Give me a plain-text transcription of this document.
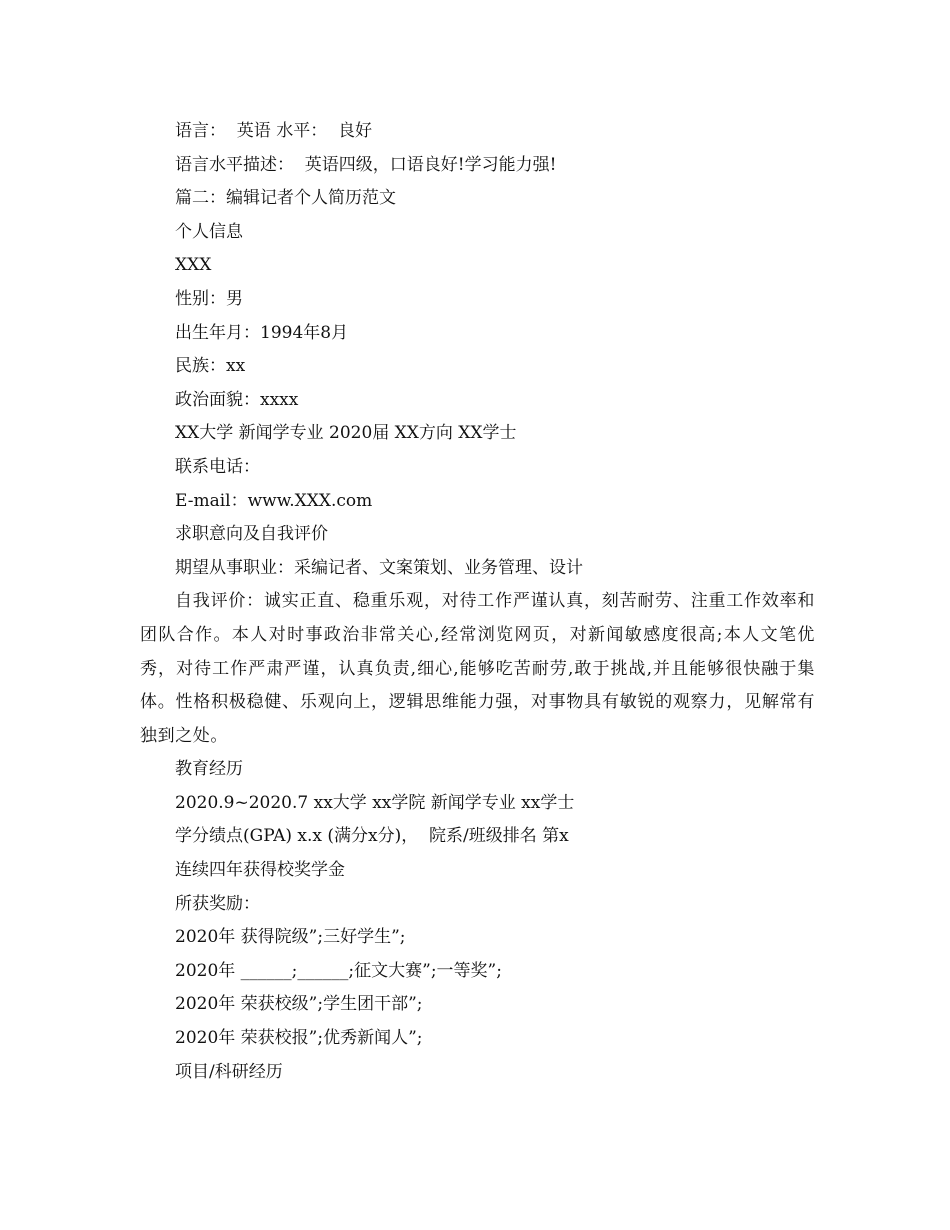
语言：  英语 水平：  良好

语言水平描述：  英语四级，口语良好!学习能力强!

篇二：编辑记者个人简历范文

个人信息

XXX

性别：男

出生年月：1994年8月

民族：xx

政治面貌：xxxx

XX大学 新闻学专业 2020届 XX方向 XX学士

联系电话：

E-mail：www.XXX.com

求职意向及自我评价

期望从事职业：采编记者、文案策划、业务管理、设计

自我评价：诚实正直、稳重乐观，对待工作严谨认真，刻苦耐劳、注重工作效率和团队合作。本人对时事政治非常关心,经常浏览网页，对新闻敏感度很高;本人文笔优秀，对待工作严肃严谨，认真负责,细心,能够吃苦耐劳,敢于挑战,并且能够很快融于集体。性格积极稳健、乐观向上，逻辑思维能力强，对事物具有敏锐的观察力，见解常有独到之处。

教育经历

2020.9~2020.7 xx大学 xx学院 新闻学专业 xx学士

学分绩点(GPA) x.x (满分x分)，  院系/班级排名 第x

连续四年获得校奖学金

所获奖励：

2020年 获得院级”;三好学生”;

2020年 ______;______;征文大赛”;一等奖”;

2020年 荣获校级”;学生团干部”;

2020年 荣获校报”;优秀新闻人”;

项目/科研经历
